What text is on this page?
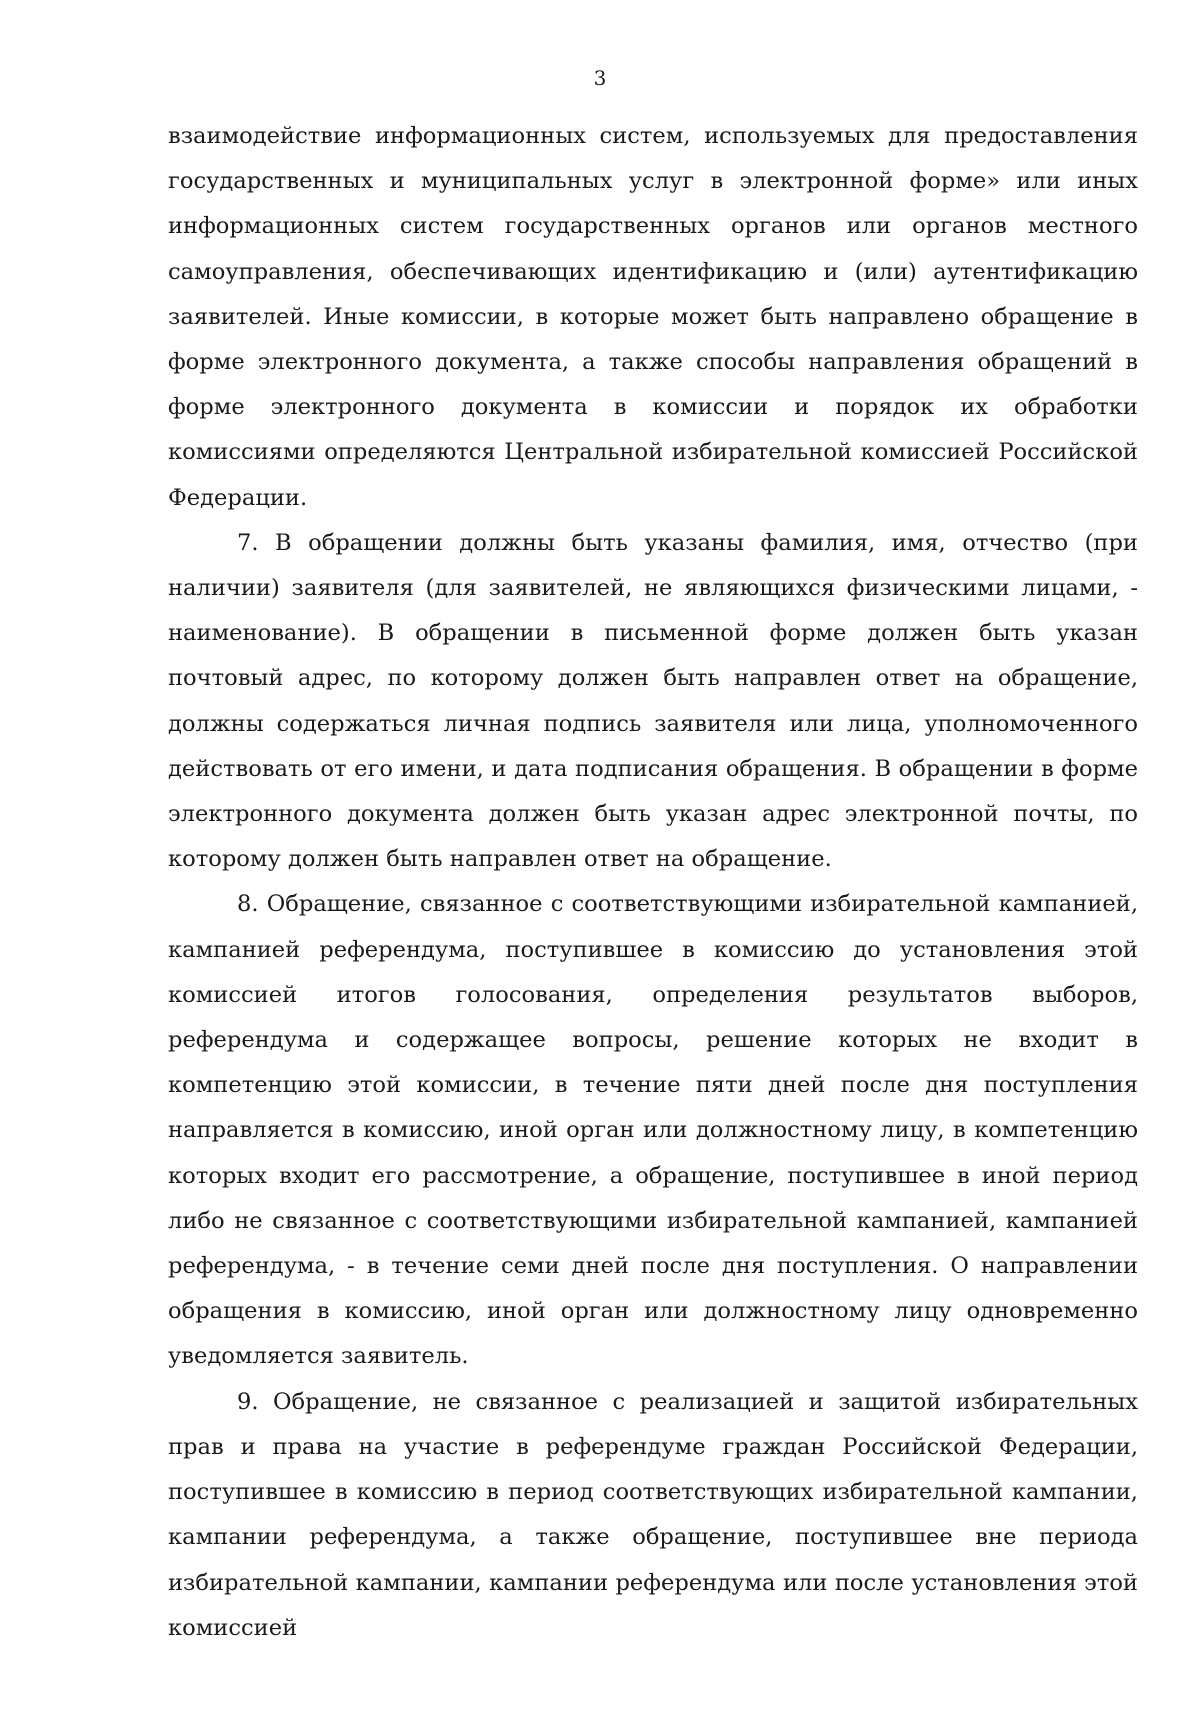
3

взаимодействие информационных систем, используемых для предоставления государственных и муниципальных услуг в электронной форме» или иных информационных систем государственных органов или органов местного самоуправления, обеспечивающих идентификацию и (или) аутентификацию заявителей. Иные комиссии, в которые может быть направлено обращение в форме электронного документа, а также способы направления обращений в форме электронного документа в комиссии и порядок их обработки комиссиями определяются Центральной избирательной комиссией Российской Федерации.

7. В обращении должны быть указаны фамилия, имя, отчество (при наличии) заявителя (для заявителей, не являющихся физическими лицами, - наименование). В обращении в письменной форме должен быть указан почтовый адрес, по которому должен быть направлен ответ на обращение, должны содержаться личная подпись заявителя или лица, уполномоченного действовать от его имени, и дата подписания обращения. В обращении в форме электронного документа должен быть указан адрес электронной почты, по которому должен быть направлен ответ на обращение.

8. Обращение, связанное с соответствующими избирательной кампанией, кампанией референдума, поступившее в комиссию до установления этой комиссией итогов голосования, определения результатов выборов, референдума и содержащее вопросы, решение которых не входит в компетенцию этой комиссии, в течение пяти дней после дня поступления направляется в комиссию, иной орган или должностному лицу, в компетенцию которых входит его рассмотрение, а обращение, поступившее в иной период либо не связанное с соответствующими избирательной кампанией, кампанией референдума, - в течение семи дней после дня поступления. О направлении обращения в комиссию, иной орган или должностному лицу одновременно уведомляется заявитель.

9. Обращение, не связанное с реализацией и защитой избирательных прав и права на участие в референдуме граждан Российской Федерации, поступившее в комиссию в период соответствующих избирательной кампании, кампании референдума, а также обращение, поступившее вне периода избирательной кампании, кампании референдума или после установления этой комиссией
